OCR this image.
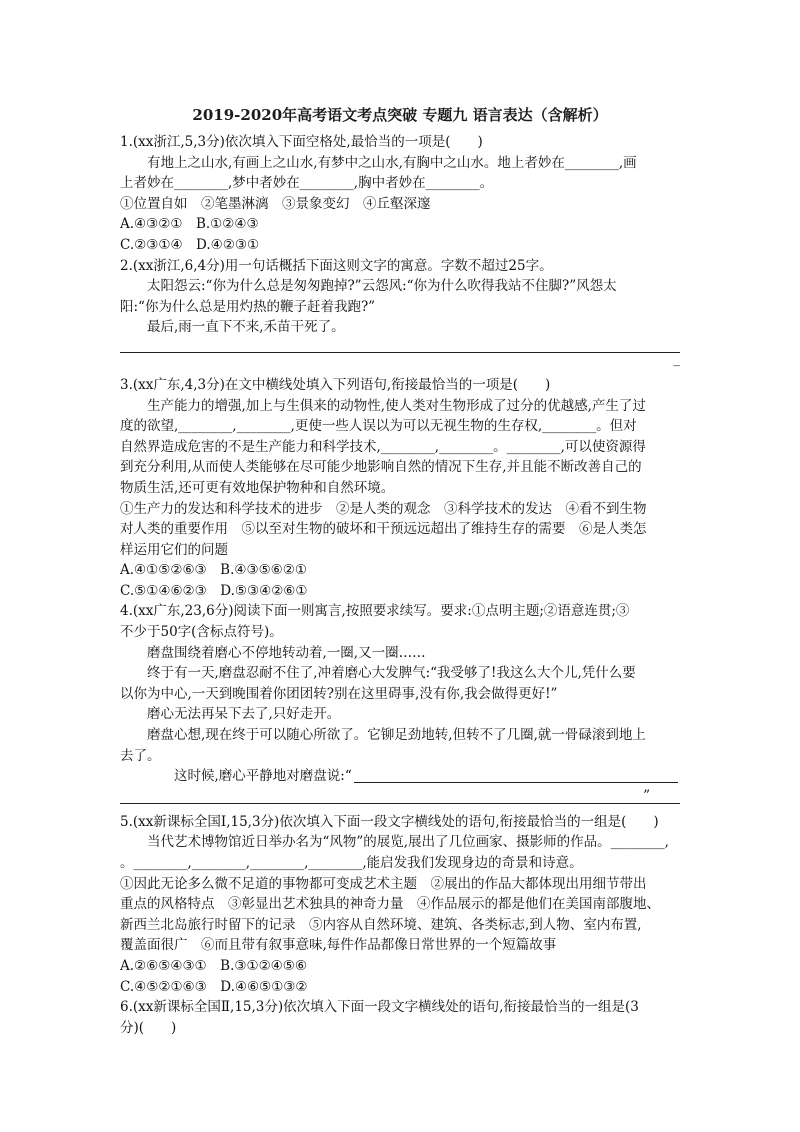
2019-2020年高考语文考点突破 专题九 语言表达（含解析）

1.(xx浙江,5,3分)依次填入下面空格处,最恰当的一项是(　　)

有地上之山水,有画上之山水,有梦中之山水,有胸中之山水。地上者妙在________,画

上者妙在________,梦中者妙在________,胸中者妙在________。

①位置自如　②笔墨淋漓　③景象变幻　④丘壑深邃

A.④③②①　B.①②④③

C.②③①④　D.④②③①

2.(xx浙江,6,4分)用一句话概括下面这则文字的寓意。字数不超过25字。

太阳怨云:“你为什么总是匆匆跑掉?”云怨风:“你为什么吹得我站不住脚?”风怨太

阳:“你为什么总是用灼热的鞭子赶着我跑?”

最后,雨一直下不来,禾苗干死了。

_

3.(xx广东,4,3分)在文中横线处填入下列语句,衔接最恰当的一项是(　　)

生产能力的增强,加上与生俱来的动物性,使人类对生物形成了过分的优越感,产生了过

度的欲望,________,________,更使一些人误以为可以无视生物的生存权,________。但对

自然界造成危害的不是生产能力和科学技术,________,________。________,可以使资源得

到充分利用,从而使人类能够在尽可能少地影响自然的情况下生存,并且能不断改善自己的

物质生活,还可更有效地保护物种和自然环境。

①生产力的发达和科学技术的进步　②是人类的观念　③科学技术的发达　④看不到生物

对人类的重要作用　⑤以至对生物的破坏和干预远远超出了维持生存的需要　⑥是人类怎

样运用它们的问题

A.④①⑤②⑥③　B.④③⑤⑥②①

C.⑤①④⑥②③　D.⑤③④②⑥①

4.(xx广东,23,6分)阅读下面一则寓言,按照要求续写。要求:①点明主题;②语意连贯;③

不少于50字(含标点符号)。

磨盘围绕着磨心不停地转动着,一圈,又一圈……

终于有一天,磨盘忍耐不住了,冲着磨心大发脾气:“我受够了!我这么大个儿,凭什么要

以你为中心,一天到晚围着你团团转?别在这里碍事,没有你,我会做得更好!”

磨心无法再呆下去了,只好走开。

磨盘心想,现在终于可以随心所欲了。它铆足劲地转,但转不了几圈,就一骨碌滚到地上

去了。

这时候,磨心平静地对磨盘说:“
”

5.(xx新课标全国Ⅰ,15,3分)依次填入下面一段文字横线处的语句,衔接最恰当的一组是(　　)

当代艺术博物馆近日举办名为“风物”的展览,展出了几位画家、摄影师的作品。________,

。________,________,________,________,能启发我们发现身边的奇景和诗意。

①因此无论多么微不足道的事物都可变成艺术主题　②展出的作品大都体现出用细节带出

重点的风格特点　③彰显出艺术独具的神奇力量　④作品展示的都是他们在美国南部腹地、

新西兰北岛旅行时留下的记录　⑤内容从自然环境、建筑、各类标志,到人物、室内布置,

覆盖面很广　⑥而且带有叙事意味,每件作品都像日常世界的一个短篇故事

A.②⑥⑤④③①　B.③①②④⑤⑥

C.④⑤②①⑥③　D.④⑥⑤①③②

6.(xx新课标全国Ⅱ,15,3分)依次填入下面一段文字横线处的语句,衔接最恰当的一组是(3

分)(　　)
